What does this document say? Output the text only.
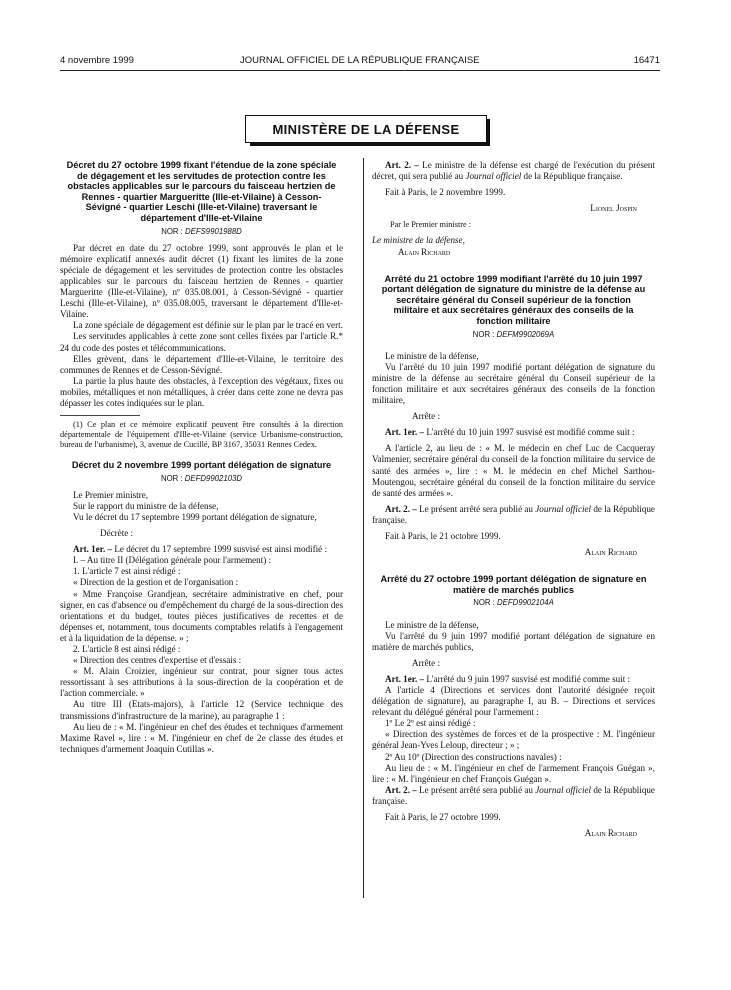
4 novembre 1999	JOURNAL OFFICIEL DE LA RÉPUBLIQUE FRANÇAISE	16471
MINISTÈRE DE LA DÉFENSE
Décret du 27 octobre 1999 fixant l'étendue de la zone spéciale de dégagement et les servitudes de protection contre les obstacles applicables sur le parcours du faisceau hertzien de Rennes - quartier Margueritte (Ille-et-Vilaine) à Cesson-Sévigné - quartier Leschi (Ille-et-Vilaine) traversant le département d'Ille-et-Vilaine
NOR : DEFS9901988D

Par décret en date du 27 octobre 1999, sont approuvés le plan et le mémoire explicatif annexés audit décret (1) fixant les limites de la zone spéciale de dégagement et les servitudes de protection contre les obstacles applicables sur le parcours du faisceau hertzien de Rennes - quartier Margueritte (Ille-et-Vilaine), nº 035.08.001, à Cesson-Sévigné - quartier Leschi (Ille-et-Vilaine), nº 035.08.005, traversant le département d'Ille-et-Vilaine.

La zone spéciale de dégagement est définie sur le plan par le tracé en vert.

Les servitudes applicables à cette zone sont celles fixées par l'article R.* 24 du code des postes et télécommunications.

Elles grèvent, dans le département d'Ille-et-Vilaine, le territoire des communes de Rennes et de Cesson-Sévigné.

La partie la plus haute des obstacles, à l'exception des végétaux, fixes ou mobiles, métalliques et non métalliques, à créer dans cette zone ne devra pas dépasser les cotes indiquées sur le plan.

(1) Ce plan et ce mémoire explicatif peuvent être consultés à la direction départementale de l'équipement d'Ille-et-Vilaine (service Urbanisme-construction, bureau de l'urbanisme), 3, avenue de Cucillé, BP 3167, 35031 Rennes Cedex.

Décret du 2 novembre 1999 portant délégation de signature
NOR : DEFD9902103D

Le Premier ministre,

Sur le rapport du ministre de la défense,

Vu le décret du 17 septembre 1999 portant délégation de signature,

Décrète :

Art. 1er. – Le décret du 17 septembre 1999 susvisé est ainsi modifié :

I. – Au titre II (Délégation générale pour l'armement) :

1. L'article 7 est ainsi rédigé :

« Direction de la gestion et de l'organisation :

« Mme Françoise Grandjean, secrétaire administrative en chef, pour signer, en cas d'absence ou d'empêchement du chargé de la sous-direction des orientations et du budget, toutes pièces justificatives de recettes et de dépenses et, notamment, tous documents comptables relatifs à l'engagement et à la liquidation de la dépense. » ;

2. L'article 8 est ainsi rédigé :

« Direction des centres d'expertise et d'essais :

« M. Alain Croizier, ingénieur sur contrat, pour signer tous actes ressortissant à ses attributions à la sous-direction de la coopération et de l'action commerciale. »

Au titre III (Etats-majors), à l'article 12 (Service technique des transmissions d'infrastructure de la marine), au paragraphe 1 :

Au lieu de : « M. l'ingénieur en chef des études et techniques d'armement Maxime Ravel », lire : « M. l'ingénieur en chef de 2e classe des études et techniques d'armement Joaquin Cutillas ».

Art. 2. – Le ministre de la défense est chargé de l'exécution du présent décret, qui sera publié au Journal officiel de la République française.

Fait à Paris, le 2 novembre 1999.

Lionel Jospin
Par le Premier ministre :
Le ministre de la défense,
Alain Richard
Arrêté du 21 octobre 1999 modifiant l'arrêté du 10 juin 1997 portant délégation de signature du ministre de la défense au secrétaire général du Conseil supérieur de la fonction militaire et aux secrétaires généraux des conseils de la fonction militaire
NOR : DEFM9902069A

Le ministre de la défense,

Vu l'arrêté du 10 juin 1997 modifié portant délégation de signature du ministre de la défense au secrétaire général du Conseil supérieur de la fonction militaire et aux secrétaires généraux des conseils de la fonction militaire,

Arrête :

Art. 1er. – L'arrêté du 10 juin 1997 susvisé est modifié comme suit :

A l'article 2, au lieu de : « M. le médecin en chef Luc de Cacqueray Valmenier, secrétaire général du conseil de la fonction militaire du service de santé des armées », lire : « M. le médecin en chef Michel Sarthou-Moutengou, secrétaire général du conseil de la fonction militaire du service de santé des armées ».

Art. 2. – Le présent arrêté sera publié au Journal officiel de la République française.

Fait à Paris, le 21 octobre 1999.

Alain Richard
Arrêté du 27 octobre 1999 portant délégation de signature en matière de marchés publics
NOR : DEFD9902104A

Le ministre de la défense,

Vu l'arrêté du 9 juin 1997 modifié portant délégation de signature en matière de marchés publics,

Arrête :

Art. 1er. – L'arrêté du 9 juin 1997 susvisé est modifié comme suit :

A l'article 4 (Directions et services dont l'autorité désignée reçoit délégation de signature), au paragraphe I, au B. – Directions et services relevant du délégué général pour l'armement :

1º Le 2º est ainsi rédigé :

« Direction des systèmes de forces et de la prospective : M. l'ingénieur général Jean-Yves Leloup, directeur ; » ;

2º Au 10º (Direction des constructions navales) :

Au lieu de : « M. l'ingénieur en chef de l'armement François Guégan », lire : « M. l'ingénieur en chef François Guégan ».

Art. 2. – Le présent arrêté sera publié au Journal officiel de la République française.

Fait à Paris, le 27 octobre 1999.

Alain Richard
